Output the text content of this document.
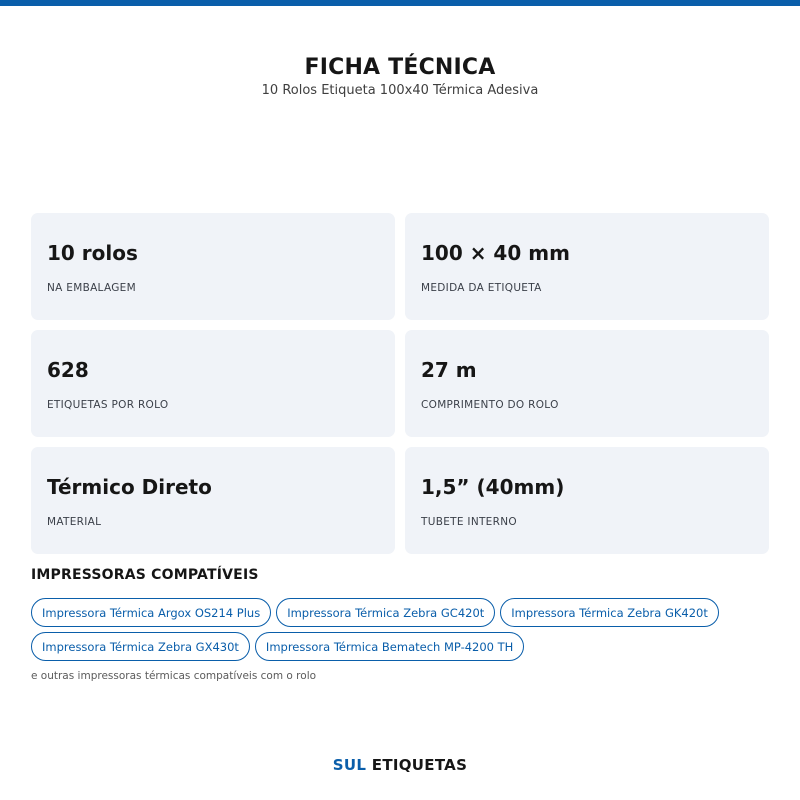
FICHA TÉCNICA
10 Rolos Etiqueta 100x40 Térmica Adesiva
10 rolos
NA EMBALAGEM
100 × 40 mm
MEDIDA DA ETIQUETA
628
ETIQUETAS POR ROLO
27 m
COMPRIMENTO DO ROLO
Térmico Direto
MATERIAL
1,5” (40mm)
TUBETE INTERNO
IMPRESSORAS COMPATÍVEIS
Impressora Térmica Argox OS214 Plus	Impressora Térmica Zebra GC420t	Impressora Térmica Zebra GK420t
Impressora Térmica Zebra GX430t	Impressora Térmica Bematech MP-4200 TH
e outras impressoras térmicas compatíveis com o rolo
SUL ETIQUETAS
